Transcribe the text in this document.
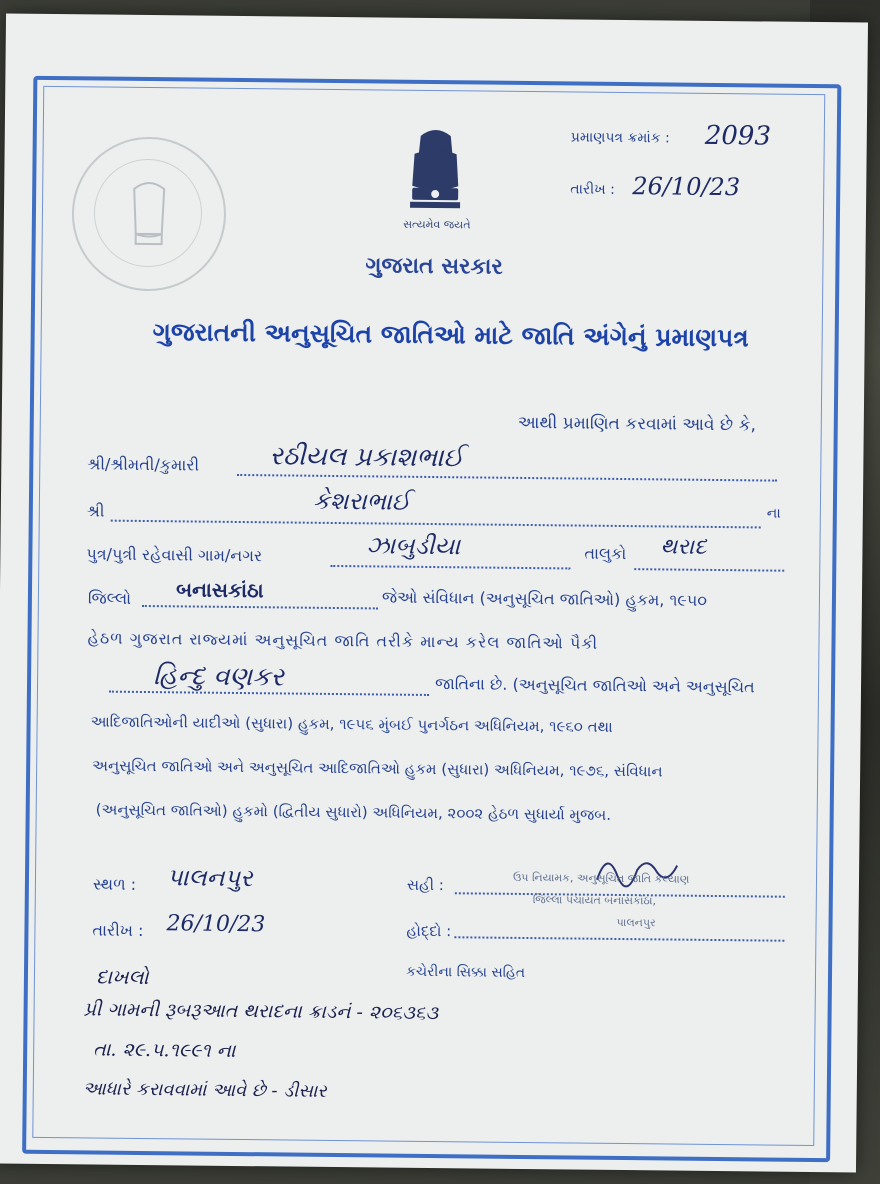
સત્યમેવ જયતે
પ્રમાણપત્ર ક્રમાંક : 2093
તારીખ : 26/10/23
ગુજરાત સરકાર
ગુજરાતની અનુસૂચિત જાતિઓ માટે જાતિ અંગેનું પ્રમાણપત્ર
આથી પ્રમાણિત કરવામાં આવે છે કે,
શ્રી/શ્રીમતી/કુમારી	રઠીયલ પ્રકાશભાઈ
શ્રી	કેશરાભાઈ	ના
પુત્ર/પુત્રી રહેવાસી ગામ/નગર	ઝાબુડીયા	તાલુકો થરાદ
જિલ્લો બનાસકાંઠા	જેઓ સંવિધાન (અનુસૂચિત જાતિઓ) હુકમ, ૧૯૫૦
હેઠળ ગુજરાત રાજ્યમાં અનુસૂચિત જાતિ તરીકે માન્ય કરેલ જાતિઓ પૈકી
હિન્દુ વણકર	જાતિના છે. (અનુસૂચિત જાતિઓ અને અનુસૂચિત
આદિજાતિઓની યાદીઓ (સુધારા) હુકમ, ૧૯૫૬ મુંબઈ પુનર્ગઠન અધિનિયમ, ૧૯૬૦ તથા
અનુસૂચિત જાતિઓ અને અનુસૂચિત આદિજાતિઓ હુકમ (સુધારા) અધિનિયમ, ૧૯૭૬, સંવિધાન
(અનુસૂચિત જાતિઓ) હુકમો (દ્વિતીય સુધારો) અધિનિયમ, ૨૦૦૨ હેઠળ સુધાર્યા મુજબ.
સ્થળ : પાલનપુર
તારીખ : 26/10/23
સહી :
હોદ્દો :
ઉપ નિયામક, અનુસૂચિત જાતિ કલ્યાણ
જિલ્લા પંચાયત બનાસકાંઠા,
પાલનપુર
કચેરીના સિક્કા સહિત
દાખલો
પ્રી ગામની રૂબરૂઆત થરાદના ક્રાડનં - ૨૦૬૩૬૩
તા. ૨૯.૫.૧૯૯૧ ના
આધારે કરાવવામાં આવે છે - ડીસાર
